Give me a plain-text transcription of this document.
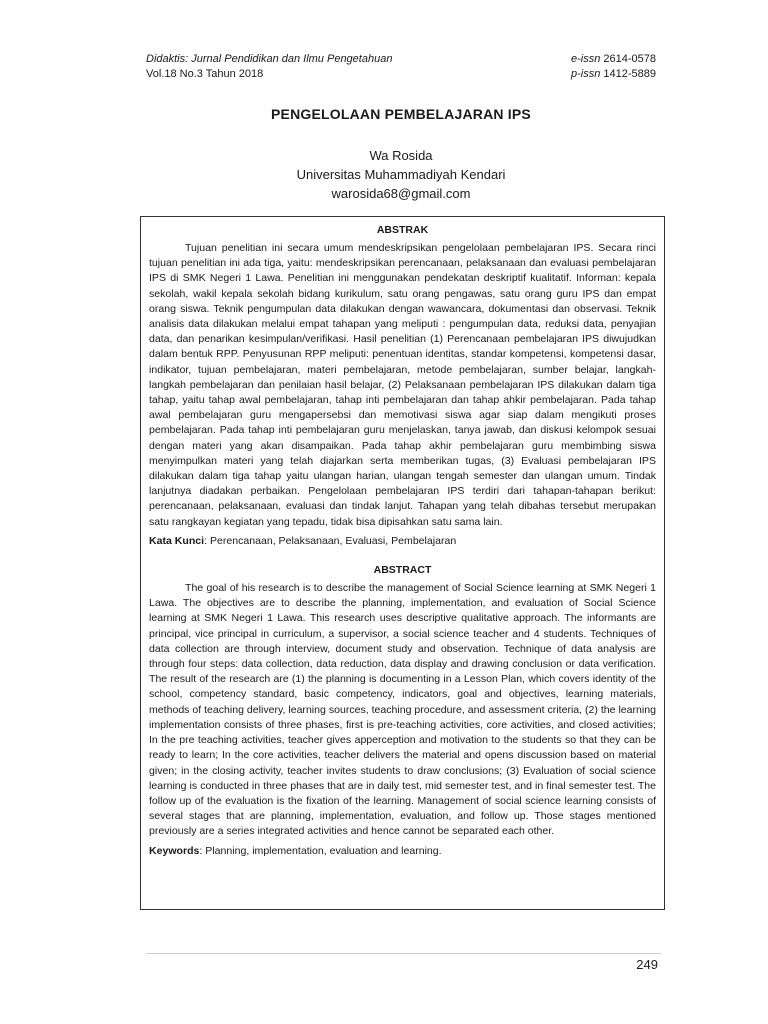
Didaktis: Jurnal Pendidikan dan Ilmu Pengetahuan	e-issn 2614-0578
Vol.18 No.3 Tahun 2018	p-issn 1412-5889
PENGELOLAAN PEMBELAJARAN IPS
Wa Rosida
Universitas Muhammadiyah Kendari
warosida68@gmail.com
ABSTRAK

Tujuan penelitian ini secara umum mendeskripsikan pengelolaan pembelajaran IPS. Secara rinci tujuan penelitian ini ada tiga, yaitu: mendeskripsikan perencanaan, pelaksanaan dan evaluasi pembelajaran IPS di SMK Negeri 1 Lawa. Penelitian ini menggunakan pendekatan deskriptif kualitatif. Informan: kepala sekolah, wakil kepala sekolah bidang kurikulum, satu orang pengawas, satu orang guru IPS dan empat orang siswa. Teknik pengumpulan data dilakukan dengan wawancara, dokumentasi dan observasi. Teknik analisis data dilakukan melalui empat tahapan yang meliputi : pengumpulan data, reduksi data, penyajian data, dan penarikan kesimpulan/verifikasi. Hasil penelitian (1) Perencanaan pembelajaran IPS diwujudkan dalam bentuk RPP. Penyusunan RPP meliputi: penentuan identitas, standar kompetensi, kompetensi dasar, indikator, tujuan pembelajaran, materi pembelajaran, metode pembelajaran, sumber belajar, langkah-langkah pembelajaran dan penilaian hasil belajar, (2) Pelaksanaan pembelajaran IPS dilakukan dalam tiga tahap, yaitu tahap awal pembelajaran, tahap inti pembelajaran dan tahap ahkir pembelajaran. Pada tahap awal pembelajaran guru mengapersebsi dan memotivasi siswa agar siap dalam mengikuti proses pembelajaran. Pada tahap inti pembelajaran guru menjelaskan, tanya jawab, dan diskusi kelompok sesuai dengan materi yang akan disampaikan. Pada tahap akhir pembelajaran guru membimbing siswa menyimpulkan materi yang telah diajarkan serta memberikan tugas, (3) Evaluasi pembelajaran IPS dilakukan dalam tiga tahap yaitu ulangan harian, ulangan tengah semester dan ulangan umum. Tindak lanjutnya diadakan perbaikan. Pengelolaan pembelajaran IPS terdiri dari tahapan-tahapan berikut: perencanaan, pelaksanaan, evaluasi dan tindak lanjut. Tahapan yang telah dibahas tersebut merupakan satu rangkayan kegiatan yang tepadu, tidak bisa dipisahkan satu sama lain.

Kata Kunci: Perencanaan, Pelaksanaan, Evaluasi, Pembelajaran

ABSTRACT

The goal of his research is to describe the management of Social Science learning at SMK Negeri 1 Lawa. The objectives are to describe the planning, implementation, and evaluation of Social Science learning at SMK Negeri 1 Lawa. This research uses descriptive qualitative approach. The informants are principal, vice principal in curriculum, a supervisor, a social science teacher and 4 students. Techniques of data collection are through interview, document study and observation. Technique of data analysis are through four steps: data collection, data reduction, data display and drawing conclusion or data verification. The result of the research are (1) the planning is documenting in a Lesson Plan, which covers identity of the school, competency standard, basic competency, indicators, goal and objectives, learning materials, methods of teaching delivery, learning sources, teaching procedure, and assessment criteria, (2) the learning implementation consists of three phases, first is pre-teaching activities, core activities, and closed activities; In the pre teaching activities, teacher gives apperception and motivation to the students so that they can be ready to learn; In the core activities, teacher delivers the material and opens discussion based on material given; in the closing activity, teacher invites students to draw conclusions; (3) Evaluation of social science learning is conducted in three phases that are in daily test, mid semester test, and in final semester test. The follow up of the evaluation is the fixation of the learning. Management of social science learning consists of several stages that are planning, implementation, evaluation, and follow up. Those stages mentioned previously are a series integrated activities and hence cannot be separated each other.

Keywords: Planning, implementation, evaluation and learning.

249
